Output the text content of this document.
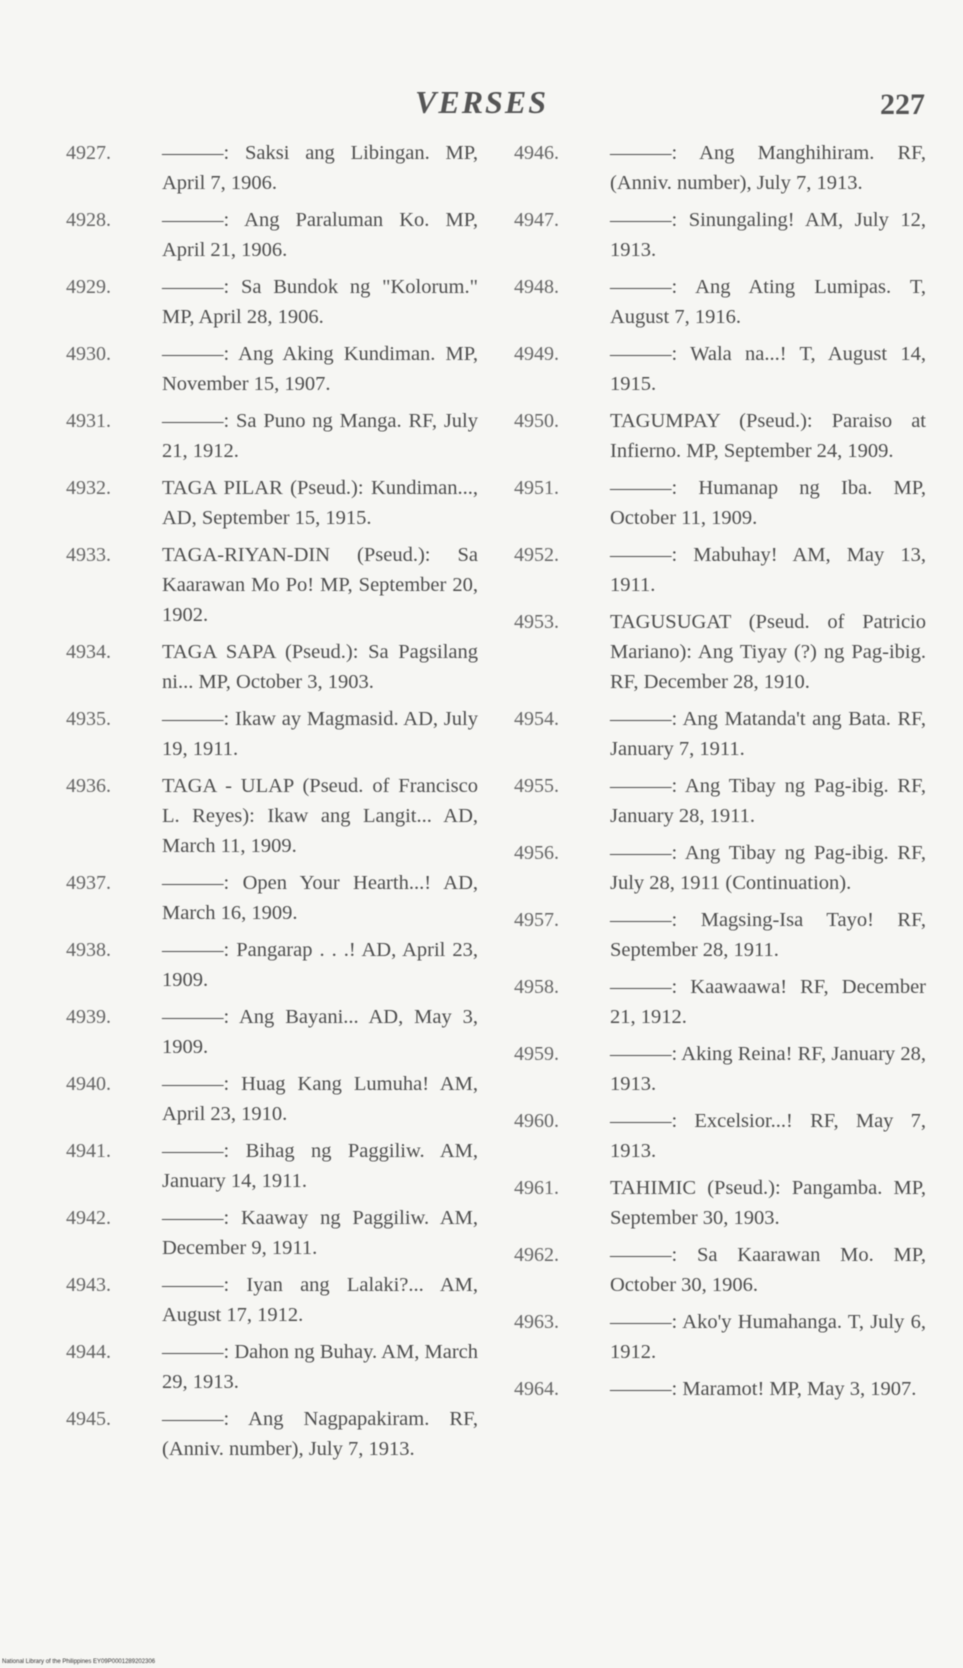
VERSES	227
4927.	———: Saksi ang Libingan. MP, April 7, 1906.
4928.	———: Ang Paraluman Ko. MP, April 21, 1906.
4929.	———: Sa Bundok ng "Kolorum." MP, April 28, 1906.
4930.	———: Ang Aking Kundiman. MP, November 15, 1907.
4931.	———: Sa Puno ng Manga. RF, July 21, 1912.
4932.	TAGA PILAR (Pseud.): Kundiman..., AD, September 15, 1915.
4933.	TAGA-RIYAN-DIN (Pseud.): Sa Kaarawan Mo Po! MP, September 20, 1902.
4934.	TAGA SAPA (Pseud.): Sa Pagsilang ni... MP, October 3, 1903.
4935.	———: Ikaw ay Magmasid. AD, July 19, 1911.
4936.	TAGA - ULAP (Pseud. of Francisco L. Reyes): Ikaw ang Langit... AD, March 11, 1909.
4937.	———: Open Your Hearth...! AD, March 16, 1909.
4938.	———: Pangarap . . .! AD, April 23, 1909.
4939.	———: Ang Bayani... AD, May 3, 1909.
4940.	———: Huag Kang Lumuha! AM, April 23, 1910.
4941.	———: Bihag ng Paggiliw. AM, January 14, 1911.
4942.	———: Kaaway ng Paggiliw. AM, December 9, 1911.
4943.	———: Iyan ang Lalaki?... AM, August 17, 1912.
4944.	———: Dahon ng Buhay. AM, March 29, 1913.
4945.	———: Ang Nagpapakiram. RF, (Anniv. number), July 7, 1913.
4946.	———: Ang Manghihiram. RF, (Anniv. number), July 7, 1913.
4947.	———: Sinungaling! AM, July 12, 1913.
4948.	———: Ang Ating Lumipas. T, August 7, 1916.
4949.	———: Wala na...! T, August 14, 1915.
4950.	TAGUMPAY (Pseud.): Paraiso at Infierno. MP, September 24, 1909.
4951.	———: Humanap ng Iba. MP, October 11, 1909.
4952.	———: Mabuhay! AM, May 13, 1911.
4953.	TAGUSUGAT (Pseud. of Patricio Mariano): Ang Tiyay (?) ng Pag-ibig. RF, December 28, 1910.
4954.	———: Ang Matanda't ang Bata. RF, January 7, 1911.
4955.	———: Ang Tibay ng Pag-ibig. RF, January 28, 1911.
4956.	———: Ang Tibay ng Pag-ibig. RF, July 28, 1911 (Continuation).
4957.	———: Magsing-Isa Tayo! RF, September 28, 1911.
4958.	———: Kaawaawa! RF, December 21, 1912.
4959.	———: Aking Reina! RF, January 28, 1913.
4960.	———: Excelsior...! RF, May 7, 1913.
4961.	TAHIMIC (Pseud.): Pangamba. MP, September 30, 1903.
4962.	———: Sa Kaarawan Mo. MP, October 30, 1906.
4963.	———: Ako'y Humahanga. T, July 6, 1912.
4964.	———: Maramot! MP, May 3, 1907.
National Library of the Philippines EY09P0001289202306
